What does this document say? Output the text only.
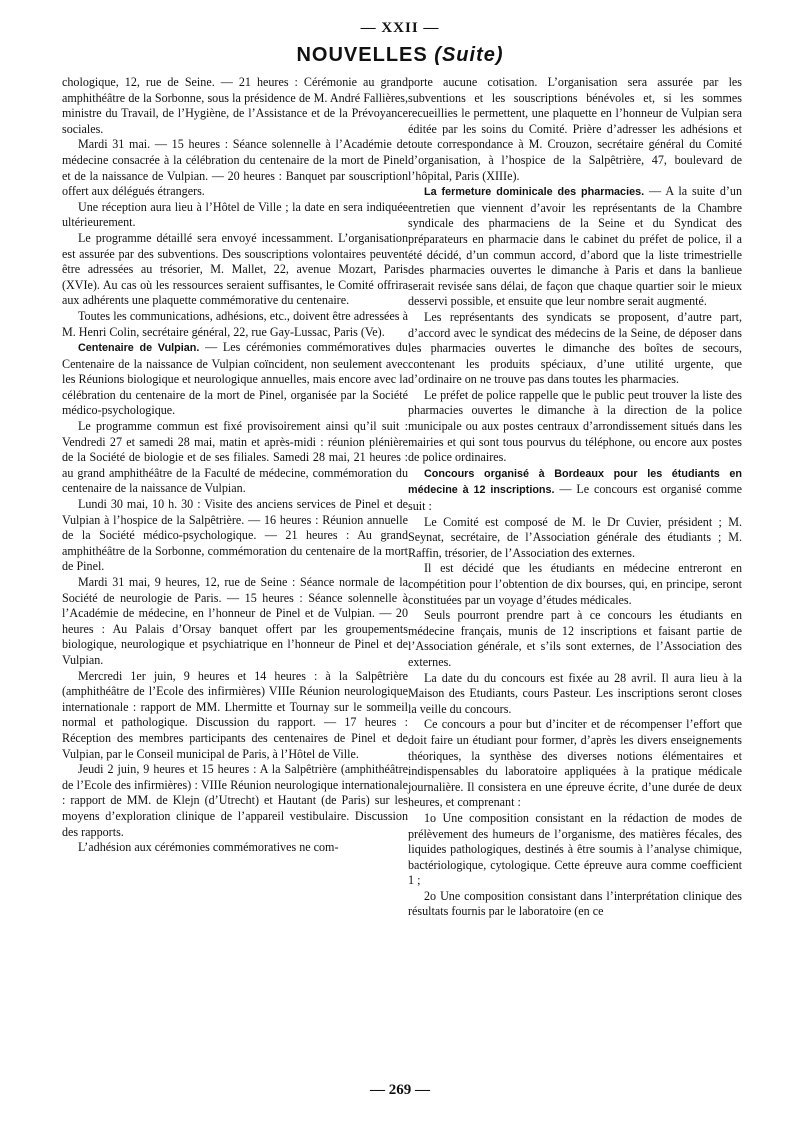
— XXII —
NOUVELLES (Suite)

chologique, 12, rue de Seine. — 21 heures : Cérémonie au grand amphithéâtre de la Sorbonne, sous la présidence de M. André Fallières, ministre du Travail, de l’Hygiène, de l’Assistance et de la Prévoyance sociales.

Mardi 31 mai. — 15 heures : Séance solennelle à l’Académie de médecine consacrée à la célébration du centenaire de la mort de Pinel et de la naissance de Vulpian. — 20 heures : Banquet par souscription offert aux délégués étrangers.

Une réception aura lieu à l’Hôtel de Ville ; la date en sera indiquée ultérieurement.

Le programme détaillé sera envoyé incessamment. L’organisation est assurée par des subventions. Des souscriptions volontaires peuvent être adressées au trésorier, M. Mallet, 22, avenue Mozart, Paris (XVIe). Au cas où les ressources seraient suffisantes, le Comité offrira aux adhérents une plaquette commémorative du centenaire.

Toutes les communications, adhésions, etc., doivent être adressées à M. Henri Colin, secrétaire général, 22, rue Gay-Lussac, Paris (Ve).

Centenaire de Vulpian. — Les cérémonies commémoratives du Centenaire de la naissance de Vulpian coïncident, non seulement avec les Réunions biologique et neurologique annuelles, mais encore avec la célébration du centenaire de la mort de Pinel, organisée par la Société médico-psychologique.

Le programme commun est fixé provisoirement ainsi qu’il suit : Vendredi 27 et samedi 28 mai, matin et après-midi : réunion plénière de la Société de biologie et de ses filiales. Samedi 28 mai, 21 heures : au grand amphithéâtre de la Faculté de médecine, commémoration du centenaire de la naissance de Vulpian.

Lundi 30 mai, 10 h. 30 : Visite des anciens services de Pinel et de Vulpian à l’hospice de la Salpêtrière. — 16 heures : Réunion annuelle de la Société médico-psychologique. — 21 heures : Au grand amphithéâtre de la Sorbonne, commémoration du centenaire de la mort de Pinel.

Mardi 31 mai, 9 heures, 12, rue de Seine : Séance normale de la Société de neurologie de Paris. — 15 heures : Séance solennelle à l’Académie de médecine, en l’honneur de Pinel et de Vulpian. — 20 heures : Au Palais d’Orsay banquet offert par les groupements biologique, neurologique et psychiatrique en l’honneur de Pinel et de Vulpian.

Mercredi 1er juin, 9 heures et 14 heures : à la Salpêtrière (amphithéâtre de l’Ecole des infirmières) VIIIe Réunion neurologique internationale : rapport de MM. Lhermitte et Tournay sur le sommeil normal et pathologique. Discussion du rapport. — 17 heures : Réception des membres participants des centenaires de Pinel et de Vulpian, par le Conseil municipal de Paris, à l’Hôtel de Ville.

Jeudi 2 juin, 9 heures et 15 heures : A la Salpêtrière (amphithéâtre de l’Ecole des infirmières) : VIIIe Réunion neurologique internationale : rapport de MM. de Klejn (d’Utrecht) et Hautant (de Paris) sur les moyens d’exploration clinique de l’appareil vestibulaire. Discussion des rapports.

L’adhésion aux cérémonies commémoratives ne com-

porte aucune cotisation. L’organisation sera assurée par les subventions et les souscriptions bénévoles et, si les sommes recueillies le permettent, une plaquette en l’honneur de Vulpian sera éditée par les soins du Comité. Prière d’adresser les adhésions et toute correspondance à M. Crouzon, secrétaire général du Comité d’organisation, à l’hospice de la Salpêtrière, 47, boulevard de l’hôpital, Paris (XIIIe).

La fermeture dominicale des pharmacies. — A la suite d’un entretien que viennent d’avoir les représentants de la Chambre syndicale des pharmaciens de la Seine et du Syndicat des préparateurs en pharmacie dans le cabinet du préfet de police, il a été décidé, d’un commun accord, d’abord que la liste trimestrielle des pharmacies ouvertes le dimanche à Paris et dans la banlieue serait revisée sans délai, de façon que chaque quartier soir le mieux desservi possible, et ensuite que leur nombre serait augmenté.

Les représentants des syndicats se proposent, d’autre part, d’accord avec le syndicat des médecins de la Seine, de déposer dans les pharmacies ouvertes le dimanche des boîtes de secours, contenant les produits spéciaux, d’une utilité urgente, que d’ordinaire on ne trouve pas dans toutes les pharmacies.

Le préfet de police rappelle que le public peut trouver la liste des pharmacies ouvertes le dimanche à la direction de la police municipale ou aux postes centraux d’arrondissement situés dans les mairies et qui sont tous pourvus du téléphone, ou encore aux postes de police ordinaires.

Concours organisé à Bordeaux pour les étudiants en médecine à 12 inscriptions. — Le concours est organisé comme suit :

Le Comité est composé de M. le Dr Cuvier, président ; M. Seynat, secrétaire, de l’Association générale des étudiants ; M. Raffin, trésorier, de l’Association des externes.

Il est décidé que les étudiants en médecine entreront en compétition pour l’obtention de dix bourses, qui, en principe, seront constituées par un voyage d’études médicales.

Seuls pourront prendre part à ce concours les étudiants en médecine français, munis de 12 inscriptions et faisant partie de l’Association générale, et s’ils sont externes, de l’Association des externes.

La date du du concours est fixée au 28 avril. Il aura lieu à la Maison des Etudiants, cours Pasteur. Les inscriptions seront closes la veille du concours.

Ce concours a pour but d’inciter et de récompenser l’effort que doit faire un étudiant pour former, d’après les divers enseignements théoriques, la synthèse des diverses notions élémentaires et indispensables du laboratoire appliquées à la pratique médicale journalière. Il consistera en une épreuve écrite, d’une durée de deux heures, et comprenant :

1o Une composition consistant en la rédaction de modes de prélèvement des humeurs de l’organisme, des matières fécales, des liquides pathologiques, destinés à être soumis à l’analyse chimique, bactériologique, cytologique. Cette épreuve aura comme coefficient 1 ;

2o Une composition consistant dans l’interprétation clinique des résultats fournis par le laboratoire (en ce

— 269 —
